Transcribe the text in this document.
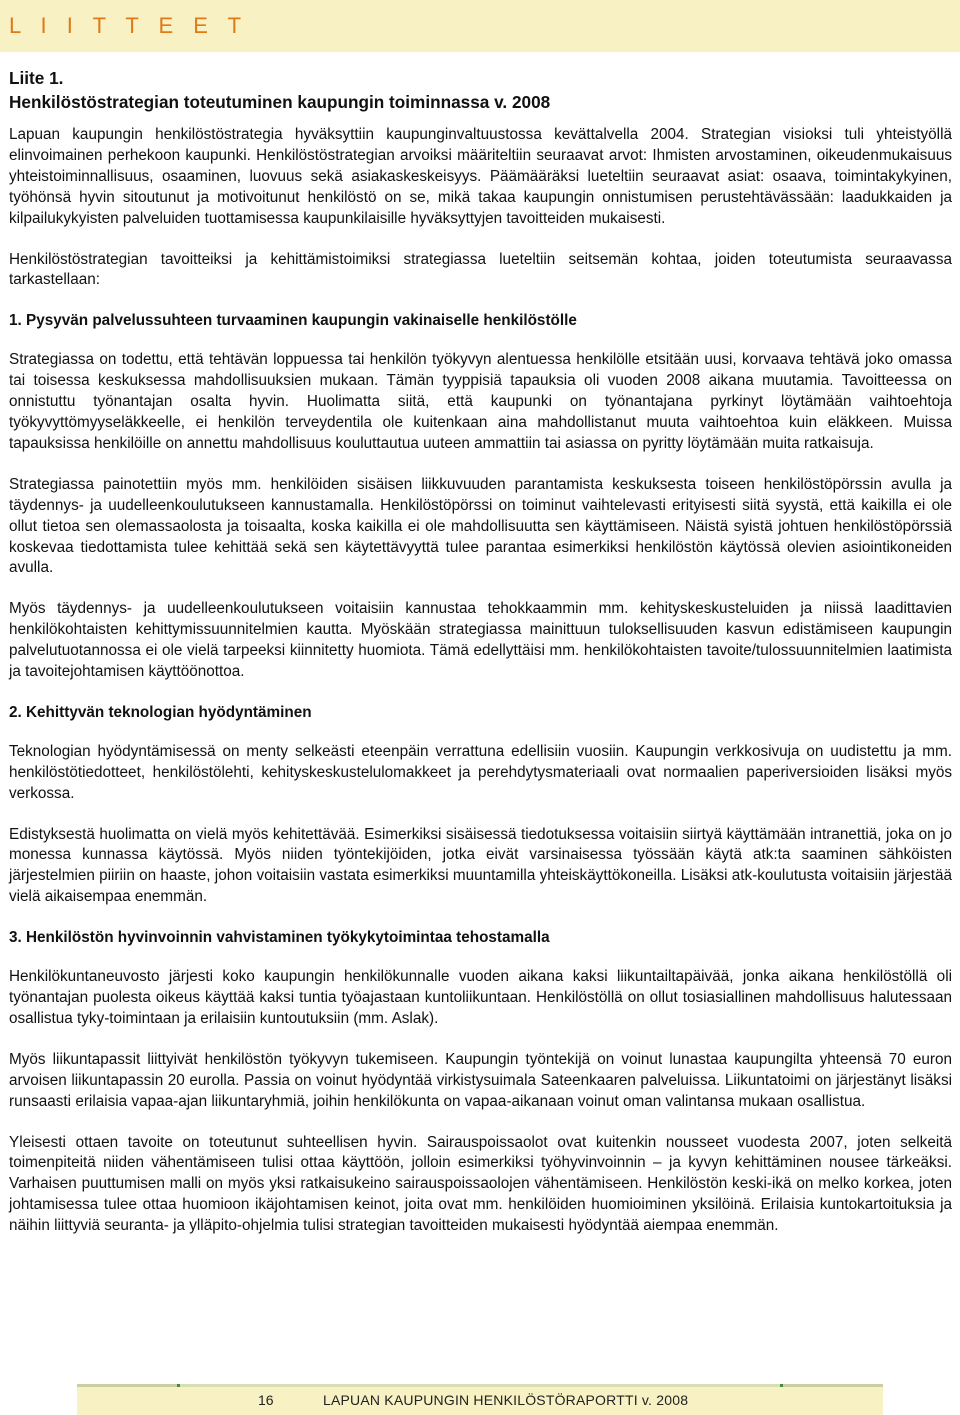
L I I T T E E T
Liite 1.
Henkilöstöstrategian toteutuminen kaupungin toiminnassa v. 2008

Lapuan kaupungin henkilöstöstrategia hyväksyttiin kaupunginvaltuustossa kevättalvella 2004. Strategian visioksi tuli yhteistyöllä elinvoimainen perhekoon kaupunki. Henkilöstöstrategian arvoiksi määriteltiin seuraavat arvot: Ihmisten arvostaminen, oikeudenmukaisuus yhteistoiminnallisuus, osaaminen, luovuus sekä asiakaskeskeisyys. Päämääräksi lueteltiin seuraavat asiat: osaava, toimintakykyinen, työhönsä hyvin sitoutunut ja motivoitunut henkilöstö on se, mikä takaa kaupungin onnistumisen perustehtävässään: laadukkaiden ja kilpailukykyisten palveluiden tuottamisessa kaupunkilaisille hyväksyttyjen tavoitteiden mukaisesti.

Henkilöstöstrategian tavoitteiksi ja kehittämistoimiksi strategiassa lueteltiin seitsemän kohtaa, joiden toteutumista seuraavassa tarkastellaan:

1. Pysyvän palvelussuhteen turvaaminen kaupungin vakinaiselle henkilöstölle

Strategiassa on todettu, että tehtävän loppuessa tai henkilön työkyvyn alentuessa henkilölle etsitään uusi, korvaava tehtävä joko omassa tai toisessa keskuksessa mahdollisuuksien mukaan. Tämän tyyppisiä tapauksia oli vuoden 2008 aikana muutamia. Tavoitteessa on onnistuttu työnantajan osalta hyvin. Huolimatta siitä, että kaupunki on työnantajana pyrkinyt löytämään vaihtoehtoja työkyvyttömyyseläkkeelle, ei henkilön terveydentila ole kuitenkaan aina mahdollistanut muuta vaihtoehtoa kuin eläkkeen. Muissa tapauksissa henkilöille on annettu mahdollisuus kouluttautua uuteen ammattiin tai asiassa on pyritty löytämään muita ratkaisuja.

Strategiassa painotettiin myös mm. henkilöiden sisäisen liikkuvuuden parantamista keskuksesta toiseen henkilöstöpörssin avulla ja täydennys- ja uudelleenkoulutukseen kannustamalla. Henkilöstöpörssi on toiminut vaihtelevasti erityisesti siitä syystä, että kaikilla ei ole ollut tietoa sen olemassaolosta ja toisaalta, koska kaikilla ei ole mahdollisuutta sen käyttämiseen. Näistä syistä johtuen henkilöstöpörssiä koskevaa tiedottamista tulee kehittää sekä sen käytettävyyttä tulee parantaa esimerkiksi henkilöstön käytössä olevien asiointikoneiden avulla.

Myös täydennys- ja uudelleenkoulutukseen voitaisiin kannustaa tehokkaammin mm. kehityskeskusteluiden ja niissä laadittavien henkilökohtaisten kehittymissuunnitelmien kautta. Myöskään strategiassa mainittuun tuloksellisuuden kasvun edistämiseen kaupungin palvelutuotannossa ei ole vielä tarpeeksi kiinnitetty huomiota. Tämä edellyttäisi mm. henkilökohtaisten tavoite/tulossuunnitelmien laatimista ja tavoitejohtamisen käyttöönottoa.

2. Kehittyvän teknologian hyödyntäminen

Teknologian hyödyntämisessä on menty selkeästi eteenpäin verrattuna edellisiin vuosiin. Kaupungin verkkosivuja on uudistettu ja mm. henkilöstötiedotteet, henkilöstölehti, kehityskeskustelulomakkeet ja perehdytysmateriaali ovat normaalien paperiversioiden lisäksi myös verkossa.

Edistyksestä huolimatta on vielä myös kehitettävää. Esimerkiksi sisäisessä tiedotuksessa voitaisiin siirtyä käyttämään intranettiä, joka on jo monessa kunnassa käytössä. Myös niiden työntekijöiden, jotka eivät varsinaisessa työssään käytä atk:ta saaminen sähköisten järjestelmien piiriin on haaste, johon voitaisiin vastata esimerkiksi muuntamilla yhteiskäyttökoneilla. Lisäksi atk-koulutusta voitaisiin järjestää vielä aikaisempaa enemmän.

3. Henkilöstön hyvinvoinnin vahvistaminen työkykytoimintaa tehostamalla

Henkilökuntaneuvosto järjesti koko kaupungin henkilökunnalle vuoden aikana kaksi liikuntailtapäivää, jonka aikana henkilöstöllä oli työnantajan puolesta oikeus käyttää kaksi tuntia työajastaan kuntoliikuntaan. Henkilöstöllä on ollut tosiasiallinen mahdollisuus halutessaan osallistua tyky-toimintaan ja erilaisiin kuntoutuksiin (mm. Aslak).

Myös liikuntapassit liittyivät henkilöstön työkyvyn tukemiseen. Kaupungin työntekijä on voinut lunastaa kaupungilta yhteensä 70 euron arvoisen liikuntapassin 20 eurolla. Passia on voinut hyödyntää virkistysuimala Sateenkaaren palveluissa. Liikuntatoimi on järjestänyt lisäksi runsaasti erilaisia vapaa-ajan liikuntaryhmiä, joihin henkilökunta on vapaa-aikanaan voinut oman valintansa mukaan osallistua.

Yleisesti ottaen tavoite on toteutunut suhteellisen hyvin. Sairauspoissaolot ovat kuitenkin nousseet vuodesta 2007, joten selkeitä toimenpiteitä niiden vähentämiseen tulisi ottaa käyttöön, jolloin esimerkiksi työhyvinvoinnin – ja kyvyn kehittäminen nousee tärkeäksi. Varhaisen puuttumisen malli on myös yksi ratkaisukeino sairauspoissaolojen vähentämiseen. Henkilöstön keski-ikä on melko korkea, joten johtamisessa tulee ottaa huomioon ikäjohtamisen keinot, joita ovat mm. henkilöiden huomioiminen yksilöinä. Erilaisia kuntokartoituksia ja näihin liittyviä seuranta- ja ylläpito-ohjelmia tulisi strategian tavoitteiden mukaisesti hyödyntää aiempaa enemmän.

16	LAPUAN KAUPUNGIN HENKILÖSTÖRAPORTTI v. 2008
